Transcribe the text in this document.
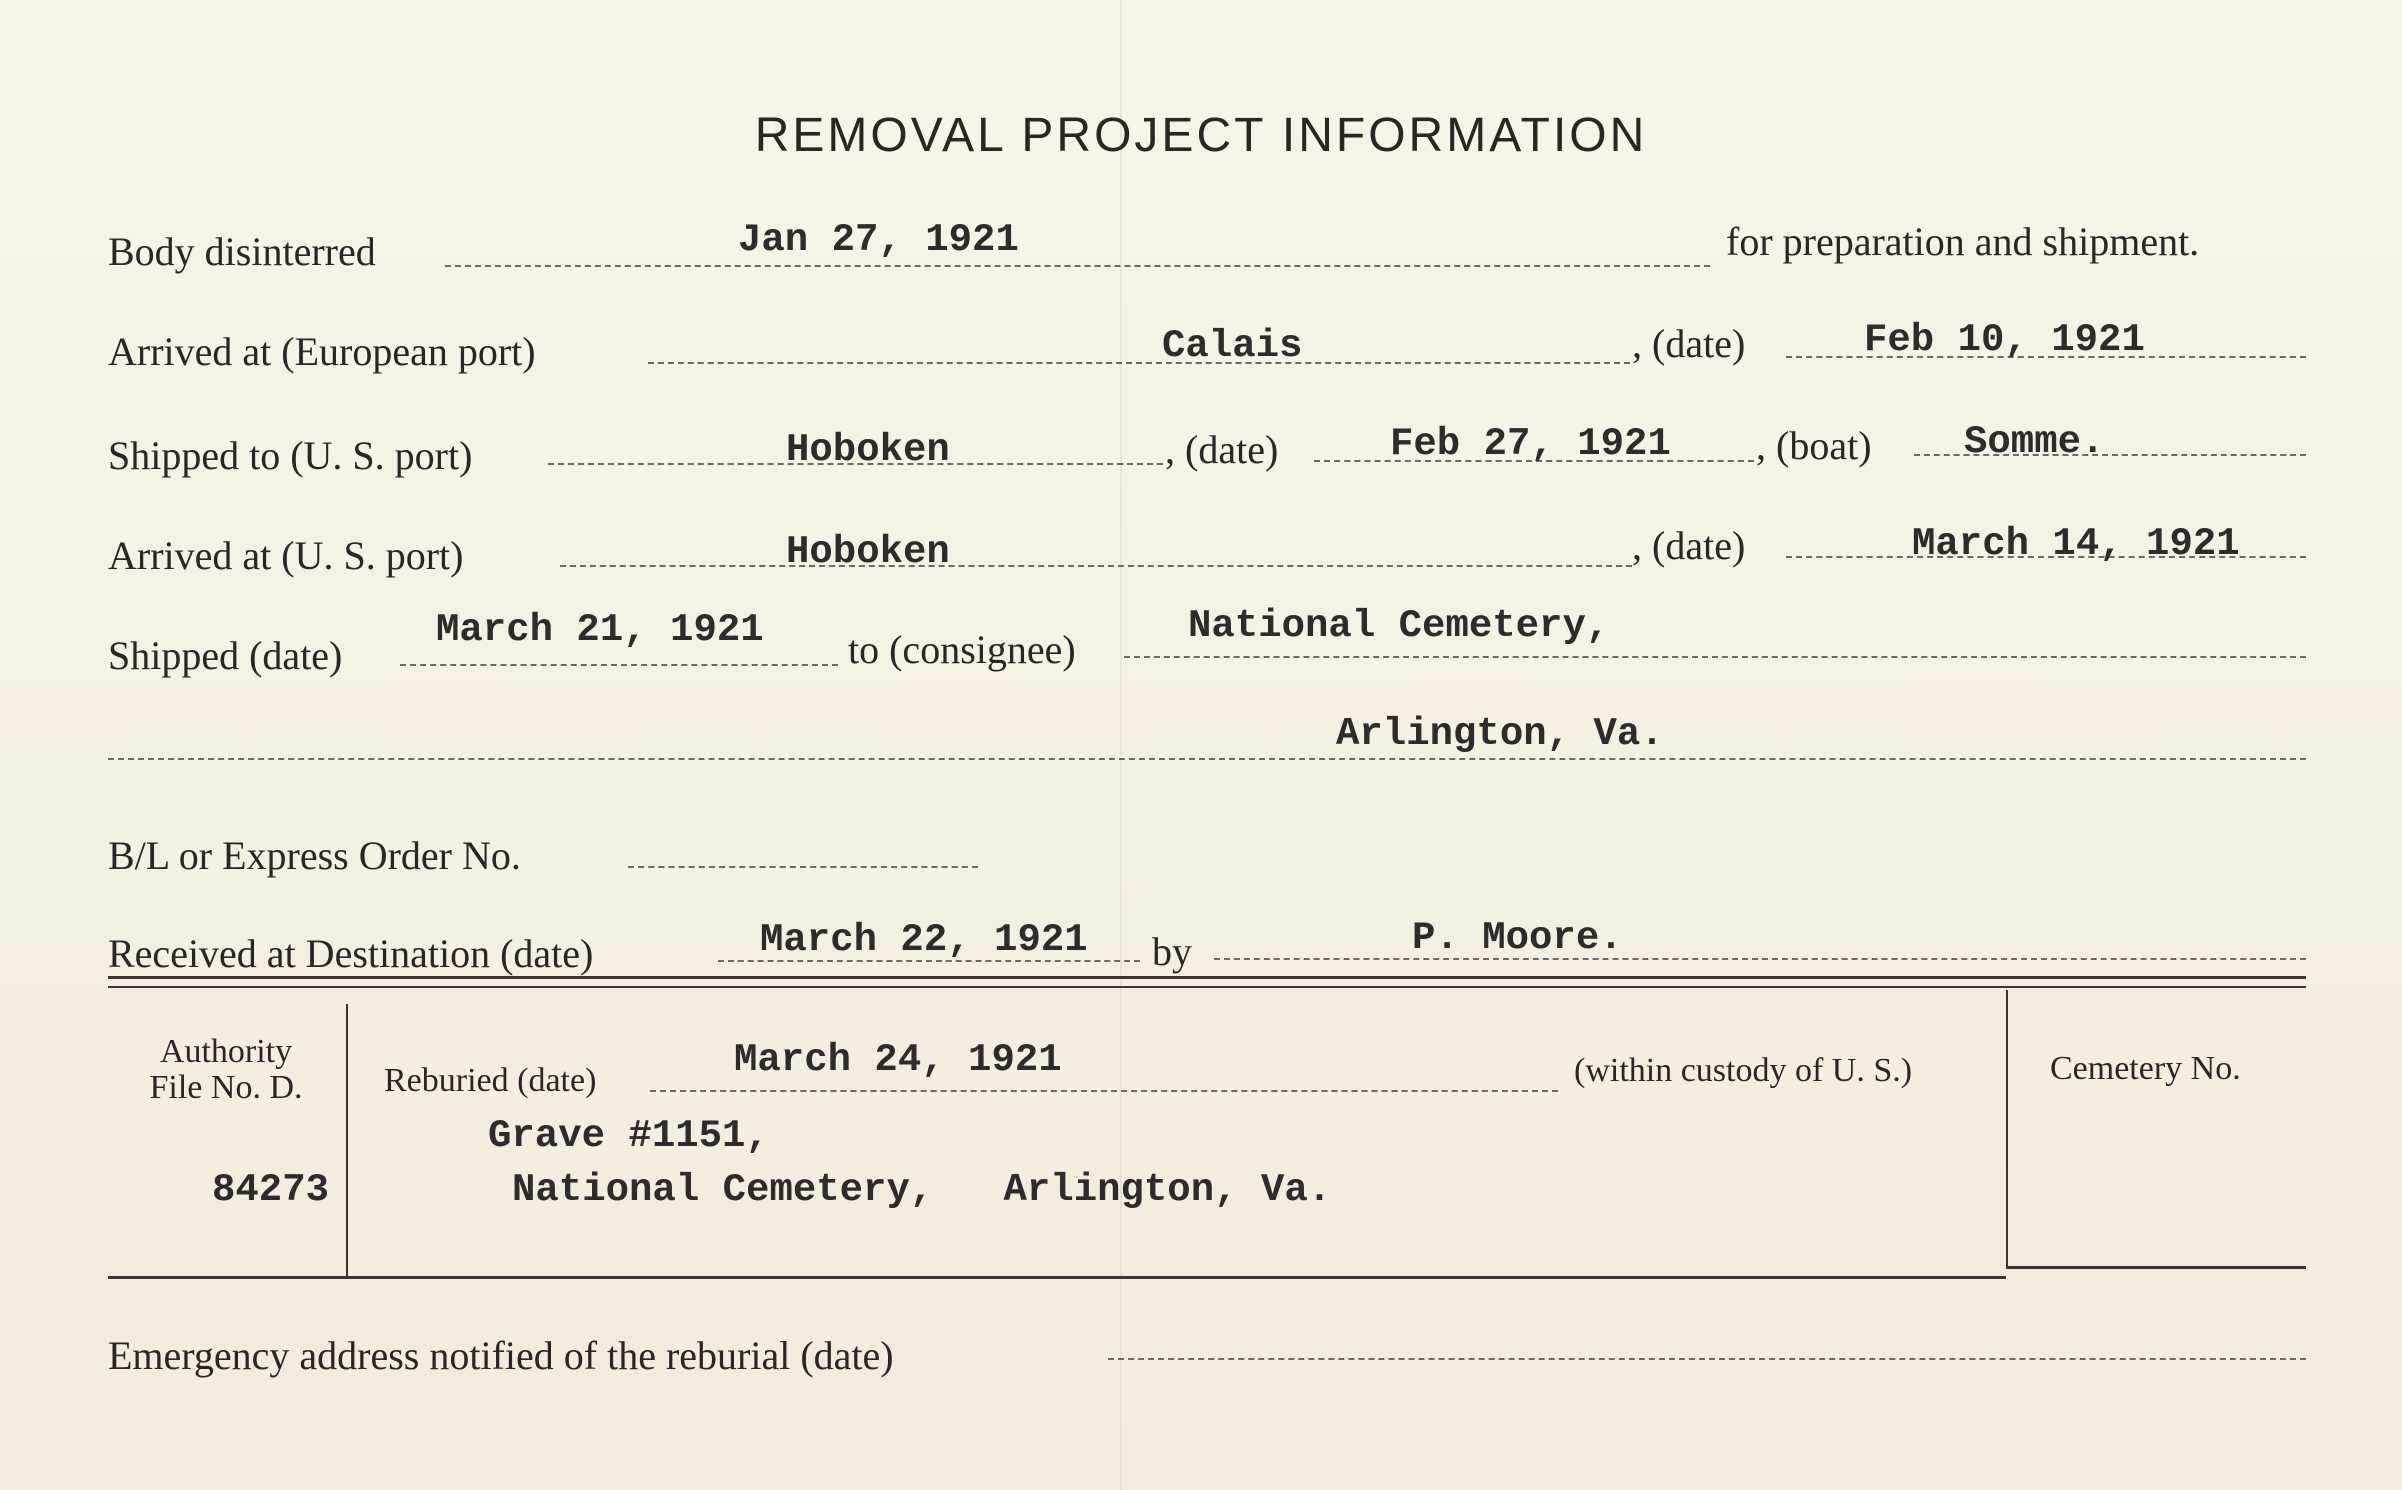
REMOVAL PROJECT INFORMATION
Body disinterred	Jan 27, 1921	for preparation and shipment.
Arrived at (European port)	Calais	, (date)	Feb 10, 1921
Shipped to (U. S. port)	Hoboken	, (date)	Feb 27, 1921 , (boat) Somme.
Arrived at (U. S. port)	Hoboken	, (date)	March 14, 1921
Shipped (date)
March 21, 1921 to (consignee)
National Cemetery,
Arlington, Va.
B/L or Express Order No.
Received at Destination (date)	March 22, 1921 by	P. Moore.
Authority
File No. D.
84273
Reburied (date)	March 24, 1921	(within custody of U. S.)
Grave #1151,
National Cemetery,   Arlington, Va.
Cemetery No.
Emergency address notified of the reburial (date)
